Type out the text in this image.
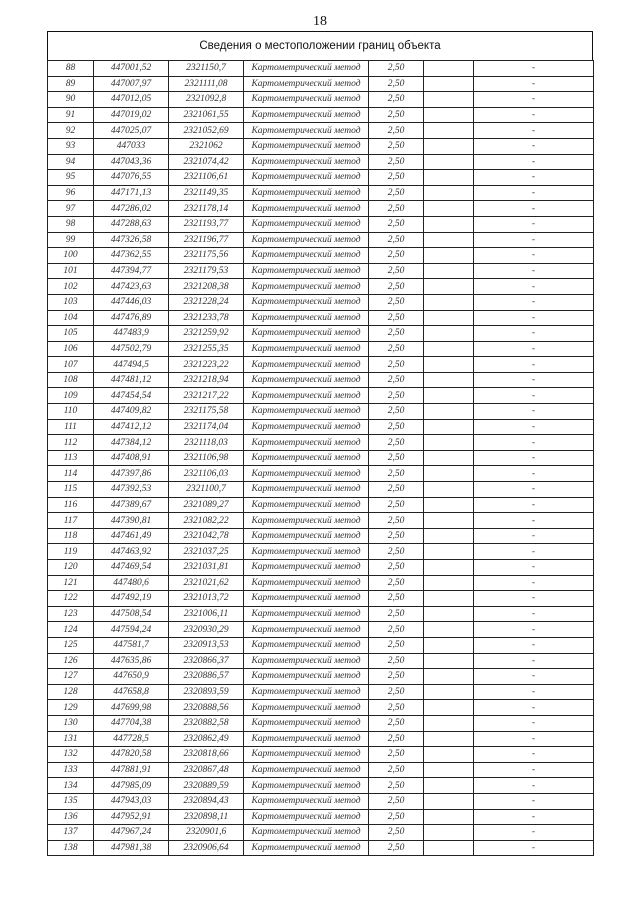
18
Сведения о местоположении границ объекта
88	447001,52	2321150,7	Картометрический метод	2,50		-
89	447007,97	2321111,08	Картометрический метод	2,50		-
90	447012,05	2321092,8	Картометрический метод	2,50		-
91	447019,02	2321061,55	Картометрический метод	2,50		-
92	447025,07	2321052,69	Картометрический метод	2,50		-
93	447033	2321062	Картометрический метод	2,50		-
94	447043,36	2321074,42	Картометрический метод	2,50		-
95	447076,55	2321106,61	Картометрический метод	2,50		-
96	447171,13	2321149,35	Картометрический метод	2,50		-
97	447286,02	2321178,14	Картометрический метод	2,50		-
98	447288,63	2321193,77	Картометрический метод	2,50		-
99	447326,58	2321196,77	Картометрический метод	2,50		-
100	447362,55	2321175,56	Картометрический метод	2,50		-
101	447394,77	2321179,53	Картометрический метод	2,50		-
102	447423,63	2321208,38	Картометрический метод	2,50		-
103	447446,03	2321228,24	Картометрический метод	2,50		-
104	447476,89	2321233,78	Картометрический метод	2,50		-
105	447483,9	2321259,92	Картометрический метод	2,50		-
106	447502,79	2321255,35	Картометрический метод	2,50		-
107	447494,5	2321223,22	Картометрический метод	2,50		-
108	447481,12	2321218,94	Картометрический метод	2,50		-
109	447454,54	2321217,22	Картометрический метод	2,50		-
110	447409,82	2321175,58	Картометрический метод	2,50		-
111	447412,12	2321174,04	Картометрический метод	2,50		-
112	447384,12	2321118,03	Картометрический метод	2,50		-
113	447408,91	2321106,98	Картометрический метод	2,50		-
114	447397,86	2321106,03	Картометрический метод	2,50		-
115	447392,53	2321100,7	Картометрический метод	2,50		-
116	447389,67	2321089,27	Картометрический метод	2,50		-
117	447390,81	2321082,22	Картометрический метод	2,50		-
118	447461,49	2321042,78	Картометрический метод	2,50		-
119	447463,92	2321037,25	Картометрический метод	2,50		-
120	447469,54	2321031,81	Картометрический метод	2,50		-
121	447480,6	2321021,62	Картометрический метод	2,50		-
122	447492,19	2321013,72	Картометрический метод	2,50		-
123	447508,54	2321006,11	Картометрический метод	2,50		-
124	447594,24	2320930,29	Картометрический метод	2,50		-
125	447581,7	2320913,53	Картометрический метод	2,50		-
126	447635,86	2320866,37	Картометрический метод	2,50		-
127	447650,9	2320886,57	Картометрический метод	2,50		-
128	447658,8	2320893,59	Картометрический метод	2,50		-
129	447699,98	2320888,56	Картометрический метод	2,50		-
130	447704,38	2320882,58	Картометрический метод	2,50		-
131	447728,5	2320862,49	Картометрический метод	2,50		-
132	447820,58	2320818,66	Картометрический метод	2,50		-
133	447881,91	2320867,48	Картометрический метод	2,50		-
134	447985,09	2320889,59	Картометрический метод	2,50		-
135	447943,03	2320894,43	Картометрический метод	2,50		-
136	447952,91	2320898,11	Картометрический метод	2,50		-
137	447967,24	2320901,6	Картометрический метод	2,50		-
138	447981,38	2320906,64	Картометрический метод	2,50		-
